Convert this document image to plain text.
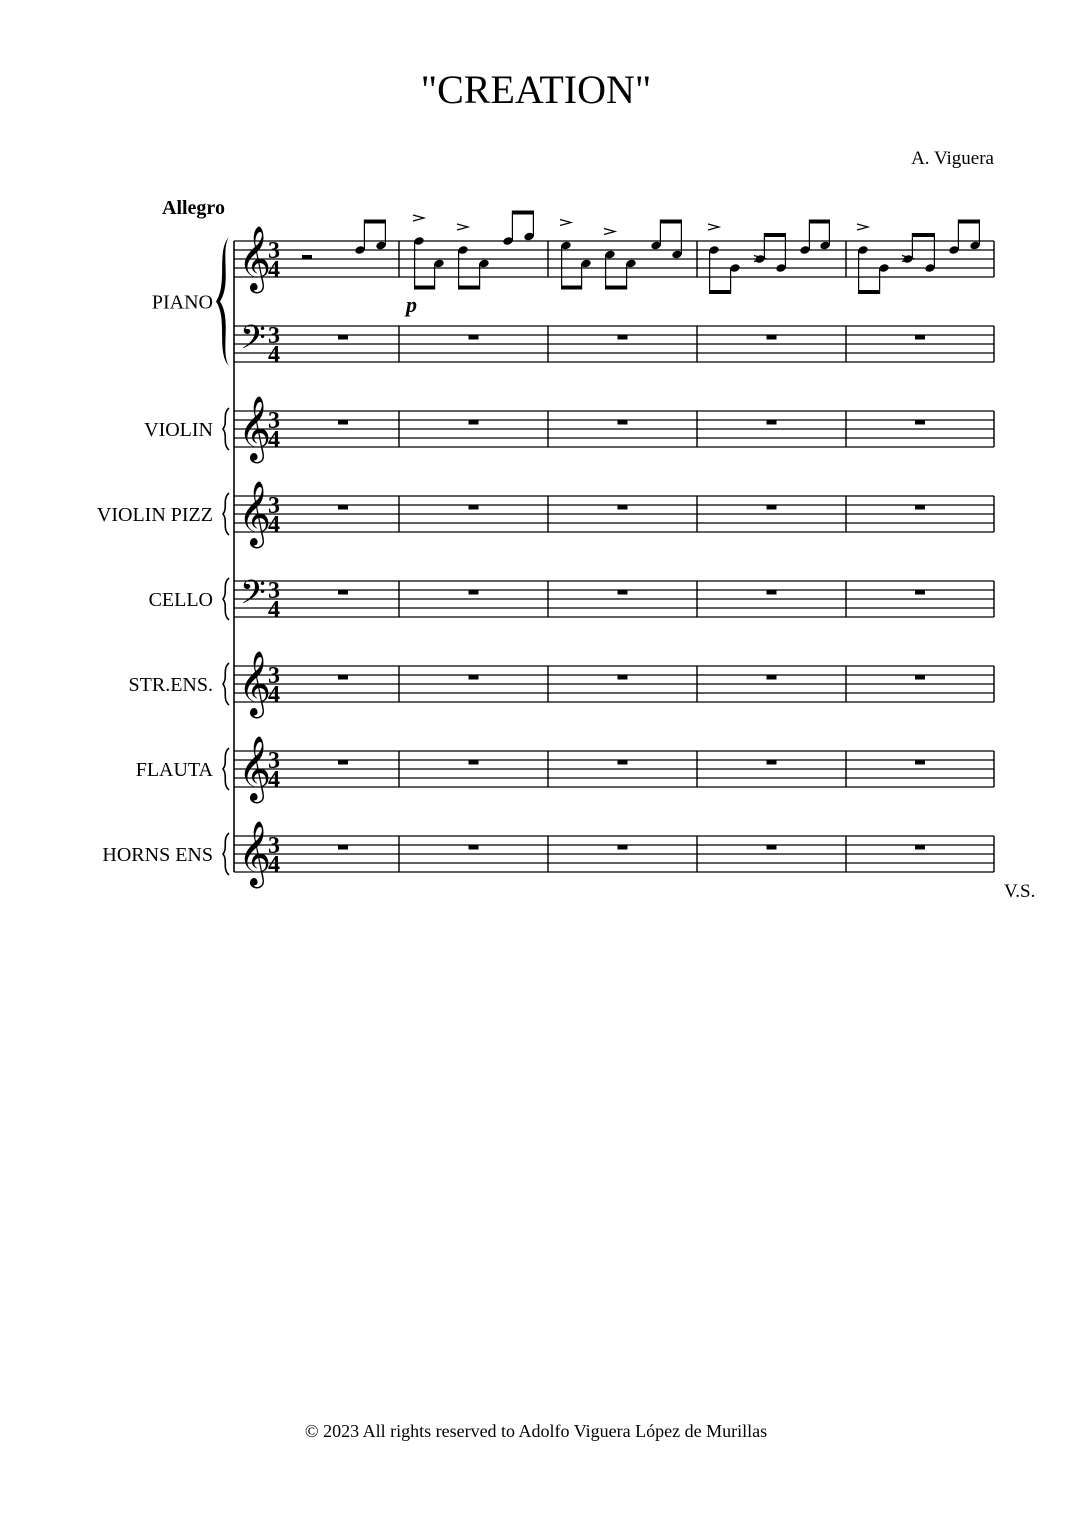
"CREATION"
A. Viguera
Allegro
𝄞
3
4
𝄢 3
4
PIANO
𝄞
3
4
VIOLIN
𝄞
3
4
VIOLIN PIZZ
𝄢 3
4
CELLO
𝄞
3
4
STR.ENS.
𝄞
3
4
FLAUTA
𝄞
3
4
HORNS ENS
p
V.S.
© 2023 All rights reserved to Adolfo Viguera López de Murillas
